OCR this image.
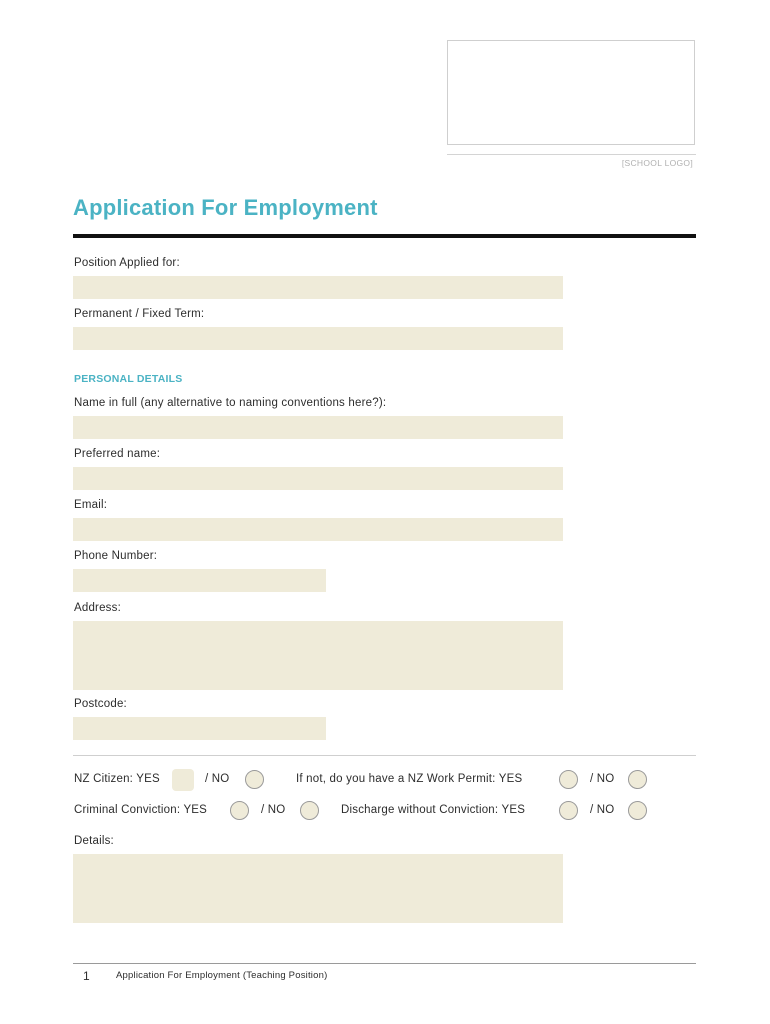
[SCHOOL LOGO]
Application For Employment
Position Applied for:
Permanent / Fixed Term:
PERSONAL DETAILS
Name in full (any alternative to naming conventions here?):
Preferred name:
Email:
Phone Number:
Address:
Postcode:
NZ Citizen: YES	/ NO	If not, do you have a NZ Work Permit: YES	/ NO
Criminal Conviction: YES	/ NO	Discharge without Conviction: YES	/ NO
Details:
1	Application For Employment (Teaching Position)
